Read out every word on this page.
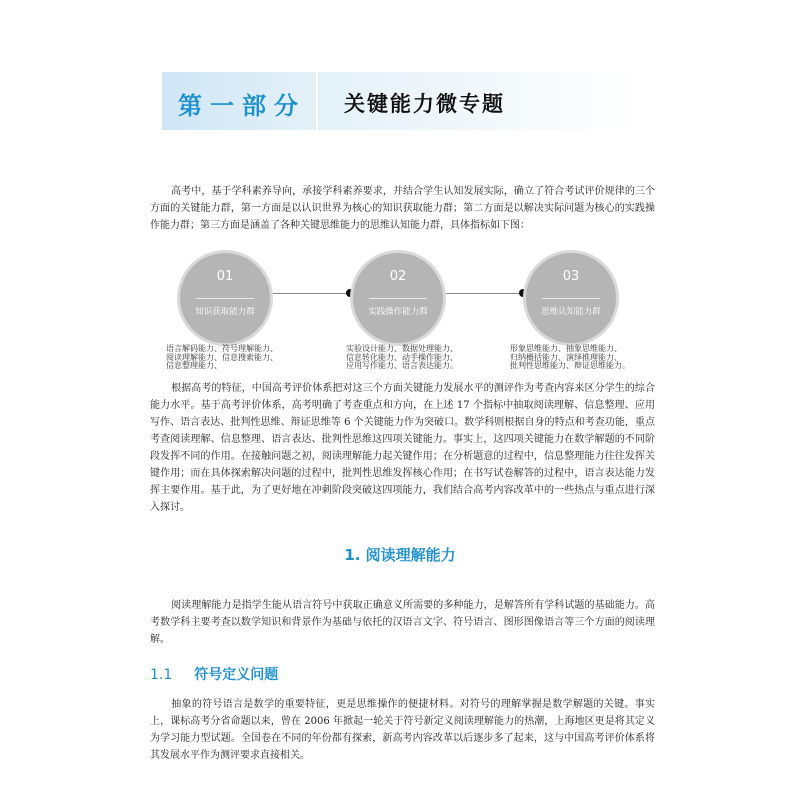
第一部分 关键能力微专题

高考中，基于学科素养导向，承接学科素养要求，并结合学生认知发展实际，确立了符合考试评价规律的三个方面的关键能力群，第一方面是以认识世界为核心的知识获取能力群；第二方面是以解决实际问题为核心的实践操作能力群；第三方面是涵盖了各种关键思维能力的思维认知能力群，具体指标如下图：

01
知识获取能力群
02
实践操作能力群
03
思维认知能力群
语言解码能力、符号理解能力、
阅读理解能力、信息搜索能力、
信息整理能力、
实验设计能力、数据处理能力、
信息转化能力、动手操作能力、
应用写作能力、语言表达能力。
形象思维能力、抽象思维能力、
归纳概括能力、演绎推理能力、
批判性思维能力、辩证思维能力。

根据高考的特征，中国高考评价体系把对这三个方面关键能力发展水平的测评作为考查内容来区分学生的综合能力水平。基于高考评价体系，高考明确了考查重点和方向，在上述 17 个指标中抽取阅读理解、信息整理、应用写作、语言表达、批判性思维、辩证思维等 6 个关键能力作为突破口。数学科则根据自身的特点和考查功能，重点考查阅读理解、信息整理、语言表达、批判性思维这四项关键能力。事实上，这四项关键能力在数学解题的不同阶段发挥不同的作用。在接触问题之初，阅读理解能力起关键作用；在分析题意的过程中，信息整理能力往往发挥关键作用；而在具体探索解决问题的过程中，批判性思维发挥核心作用；在书写试卷解答的过程中，语言表达能力发挥主要作用。基于此，为了更好地在冲刺阶段突破这四项能力，我们结合高考内容改革中的一些热点与重点进行深入探讨。

1. 阅读理解能力

阅读理解能力是指学生能从语言符号中获取正确意义所需要的多种能力，是解答所有学科试题的基础能力。高考数学科主要考查以数学知识和背景作为基础与依托的汉语言文字、符号语言、图形图像语言等三个方面的阅读理解。

1.1 符号定义问题

抽象的符号语言是数学的重要特征，更是思维操作的便捷材料。对符号的理解掌握是数学解题的关键。事实上，课标高考分省命题以来，曾在 2006 年掀起一轮关于符号新定义阅读理解能力的热潮，上海地区更是将其定义为学习能力型试题。全国卷在不同的年份都有探索，新高考内容改革以后逐步多了起来，这与中国高考评价体系将其发展水平作为测评要求直接相关。
